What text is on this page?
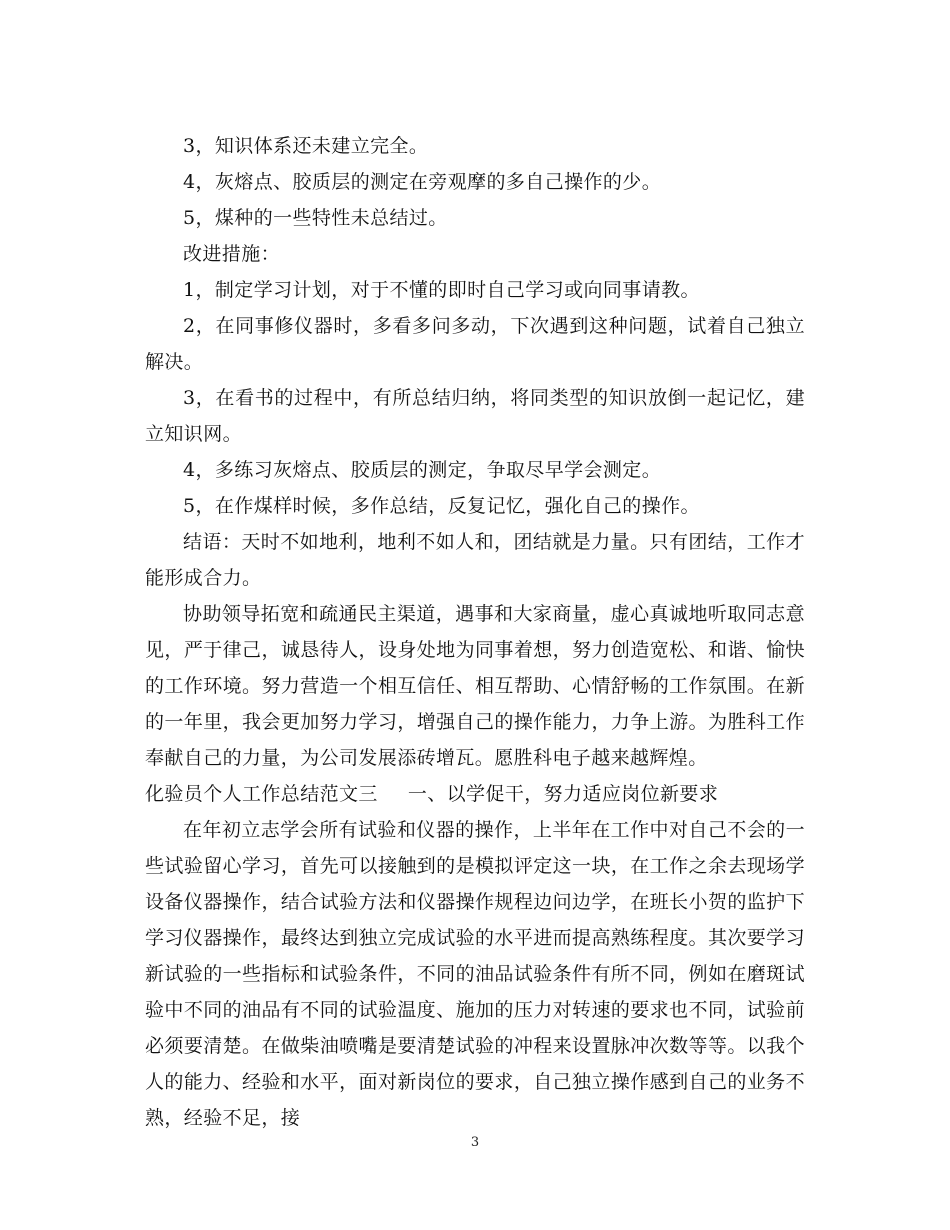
3，知识体系还未建立完全。

4，灰熔点、胶质层的测定在旁观摩的多自己操作的少。

5，煤种的一些特性未总结过。

改进措施：

1，制定学习计划，对于不懂的即时自己学习或向同事请教。

2，在同事修仪器时，多看多问多动，下次遇到这种问题，试着自己独立解决。

3，在看书的过程中，有所总结归纳，将同类型的知识放倒一起记忆，建立知识网。

4，多练习灰熔点、胶质层的测定，争取尽早学会测定。

5，在作煤样时候，多作总结，反复记忆，强化自己的操作。

结语：天时不如地利，地利不如人和，团结就是力量。只有团结，工作才能形成合力。

协助领导拓宽和疏通民主渠道，遇事和大家商量，虚心真诚地听取同志意见，严于律己，诚恳待人，设身处地为同事着想，努力创造宽松、和谐、愉快的工作环境。努力营造一个相互信任、相互帮助、心情舒畅的工作氛围。在新的一年里，我会更加努力学习，增强自己的操作能力，力争上游。为胜科工作奉献自己的力量，为公司发展添砖增瓦。愿胜科电子越来越辉煌。

化验员个人工作总结范文三 一、以学促干，努力适应岗位新要求

在年初立志学会所有试验和仪器的操作，上半年在工作中对自己不会的一些试验留心学习，首先可以接触到的是模拟评定这一块，在工作之余去现场学设备仪器操作，结合试验方法和仪器操作规程边问边学，在班长小贺的监护下学习仪器操作，最终达到独立完成试验的水平进而提高熟练程度。其次要学习新试验的一些指标和试验条件，不同的油品试验条件有所不同，例如在磨斑试验中不同的油品有不同的试验温度、施加的压力对转速的要求也不同，试验前必须要清楚。在做柴油喷嘴是要清楚试验的冲程来设置脉冲次数等等。以我个人的能力、经验和水平，面对新岗位的要求，自己独立操作感到自己的业务不熟，经验不足，接

3
